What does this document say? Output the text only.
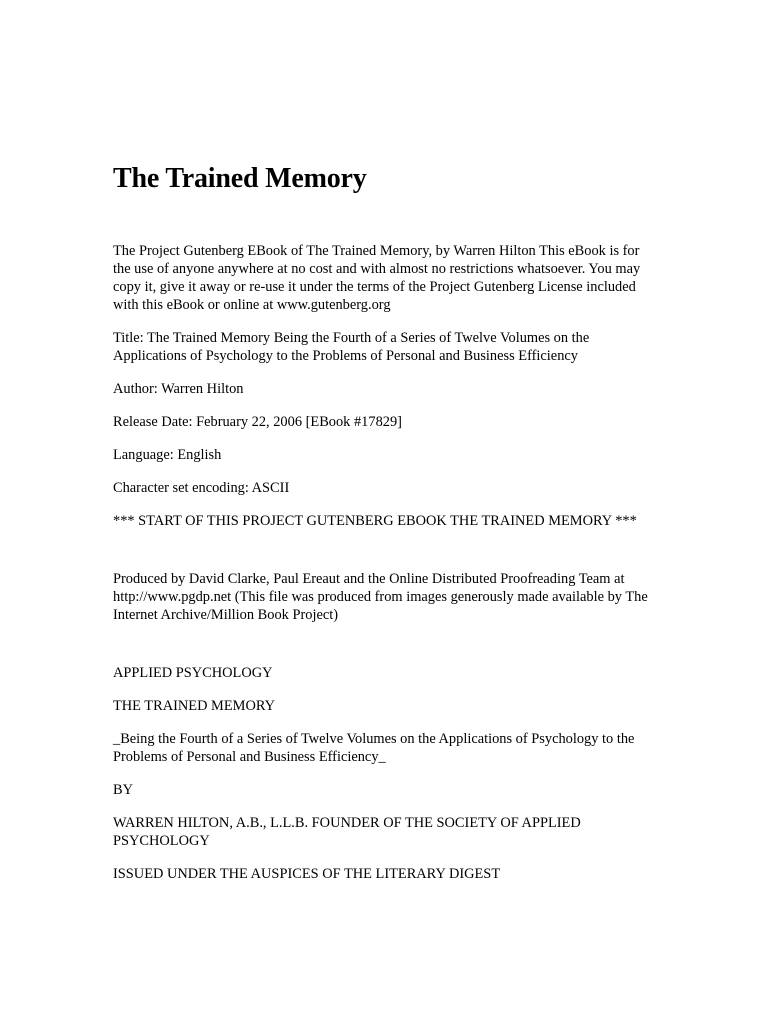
The Trained Memory

The Project Gutenberg EBook of The Trained Memory, by Warren Hilton This eBook is for the use of anyone anywhere at no cost and with almost no restrictions whatsoever. You may copy it, give it away or re-use it under the terms of the Project Gutenberg License included with this eBook or online at www.gutenberg.org

Title: The Trained Memory Being the Fourth of a Series of Twelve Volumes on the Applications of Psychology to the Problems of Personal and Business Efficiency

Author: Warren Hilton

Release Date: February 22, 2006 [EBook #17829]

Language: English

Character set encoding: ASCII

*** START OF THIS PROJECT GUTENBERG EBOOK THE TRAINED MEMORY ***

Produced by David Clarke, Paul Ereaut and the Online Distributed Proofreading Team at http://www.pgdp.net (This file was produced from images generously made available by The Internet Archive/Million Book Project)

APPLIED PSYCHOLOGY

THE TRAINED MEMORY

_Being the Fourth of a Series of Twelve Volumes on the Applications of Psychology to the Problems of Personal and Business Efficiency_

BY

WARREN HILTON, A.B., L.L.B. FOUNDER OF THE SOCIETY OF APPLIED PSYCHOLOGY

ISSUED UNDER THE AUSPICES OF THE LITERARY DIGEST
